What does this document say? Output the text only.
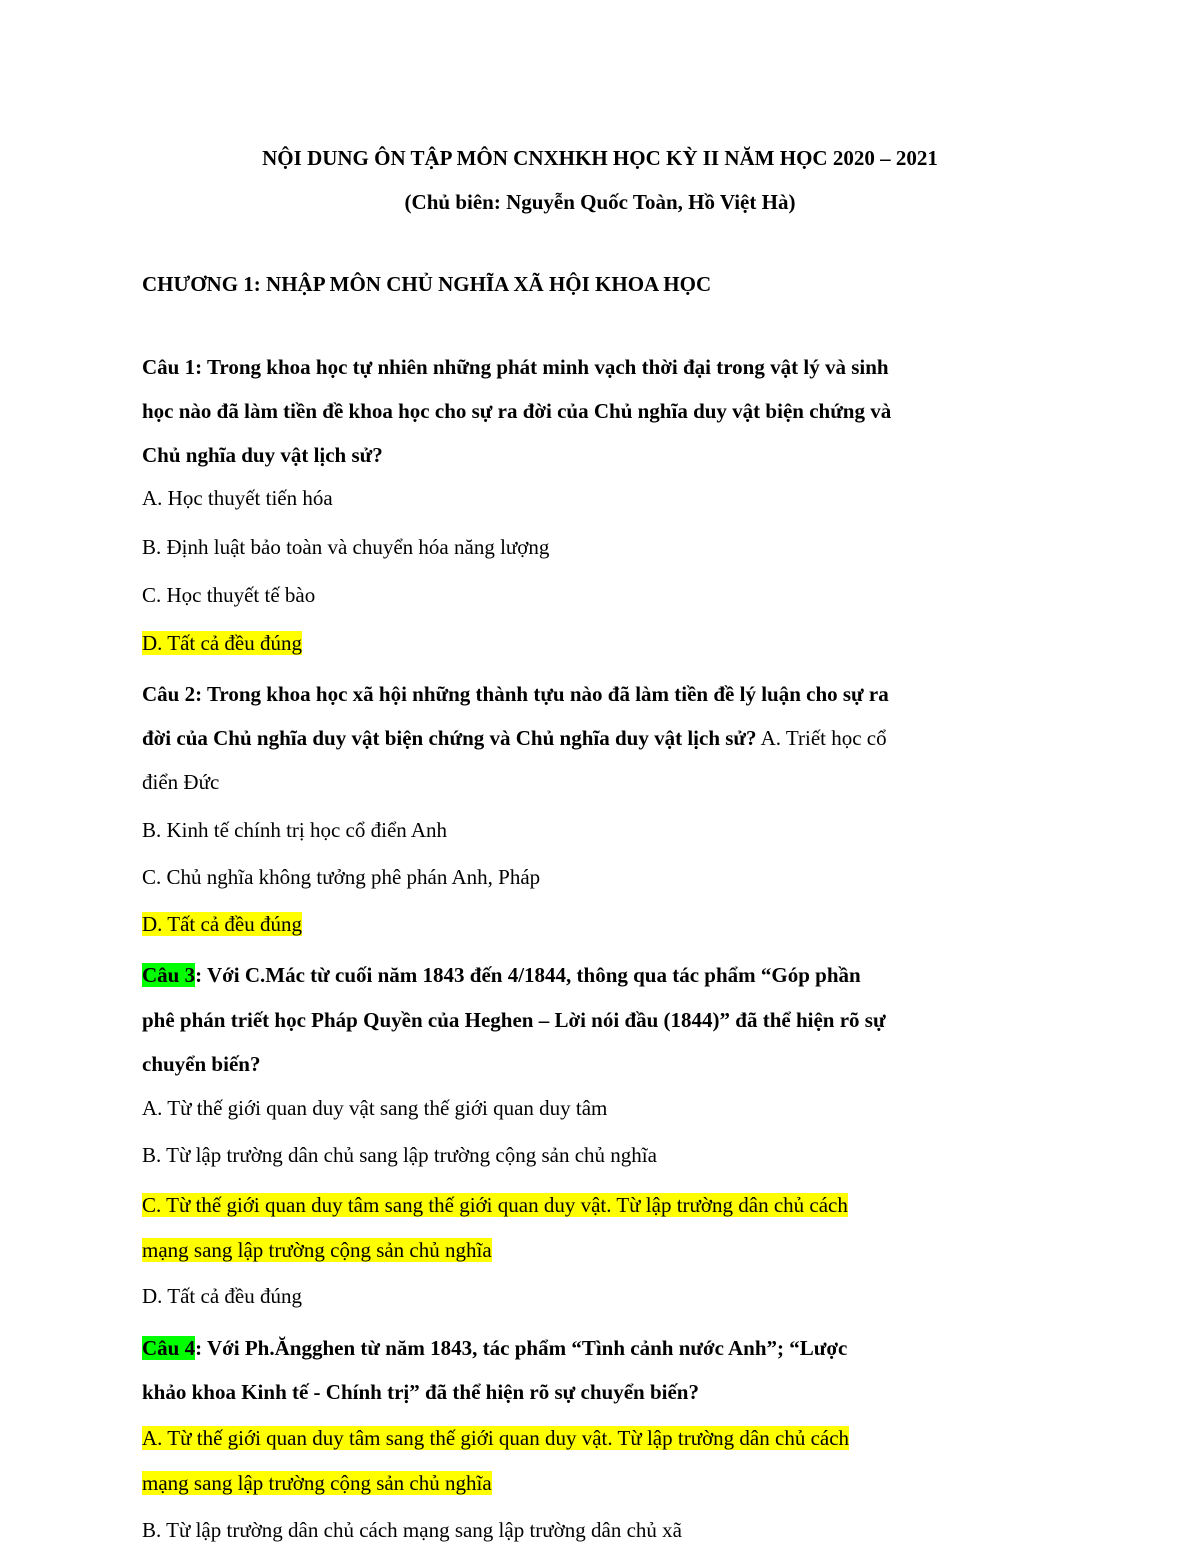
NỘI DUNG ÔN TẬP MÔN CNXHKH HỌC KỲ II NĂM HỌC 2020 – 2021
(Chủ biên: Nguyễn Quốc Toàn, Hồ Việt Hà)
CHƯƠNG 1: NHẬP MÔN CHỦ NGHĨA XÃ HỘI KHOA HỌC
Câu 1: Trong khoa học tự nhiên những phát minh vạch thời đại trong vật lý và sinh
học nào đã làm tiền đề khoa học cho sự ra đời của Chủ nghĩa duy vật biện chứng và
Chủ nghĩa duy vật lịch sử?
A. Học thuyết tiến hóa
B. Định luật bảo toàn và chuyển hóa năng lượng
C. Học thuyết tế bào
D. Tất cả đều đúng
Câu 2: Trong khoa học xã hội những thành tựu nào đã làm tiền đề lý luận cho sự ra
đời của Chủ nghĩa duy vật biện chứng và Chủ nghĩa duy vật lịch sử? A. Triết học cổ
điển Đức
B. Kinh tế chính trị học cổ điển Anh
C. Chủ nghĩa không tưởng phê phán Anh, Pháp
D. Tất cả đều đúng
Câu 3: Với C.Mác từ cuối năm 1843 đến 4/1844, thông qua tác phẩm “Góp phần
phê phán triết học Pháp Quyền của Heghen – Lời nói đầu (1844)” đã thể hiện rõ sự
chuyển biến?
A. Từ thế giới quan duy vật sang thế giới quan duy tâm
B. Từ lập trường dân chủ sang lập trường cộng sản chủ nghĩa
C. Từ thế giới quan duy tâm sang thế giới quan duy vật. Từ lập trường dân chủ cách
mạng sang lập trường cộng sản chủ nghĩa
D. Tất cả đều đúng
Câu 4: Với Ph.Ăngghen từ năm 1843, tác phẩm “Tình cảnh nước Anh”; “Lược
khảo khoa Kinh tế - Chính trị” đã thể hiện rõ sự chuyển biến?
A. Từ thế giới quan duy tâm sang thế giới quan duy vật. Từ lập trường dân chủ cách
mạng sang lập trường cộng sản chủ nghĩa
B. Từ lập trường dân chủ cách mạng sang lập trường dân chủ xã
